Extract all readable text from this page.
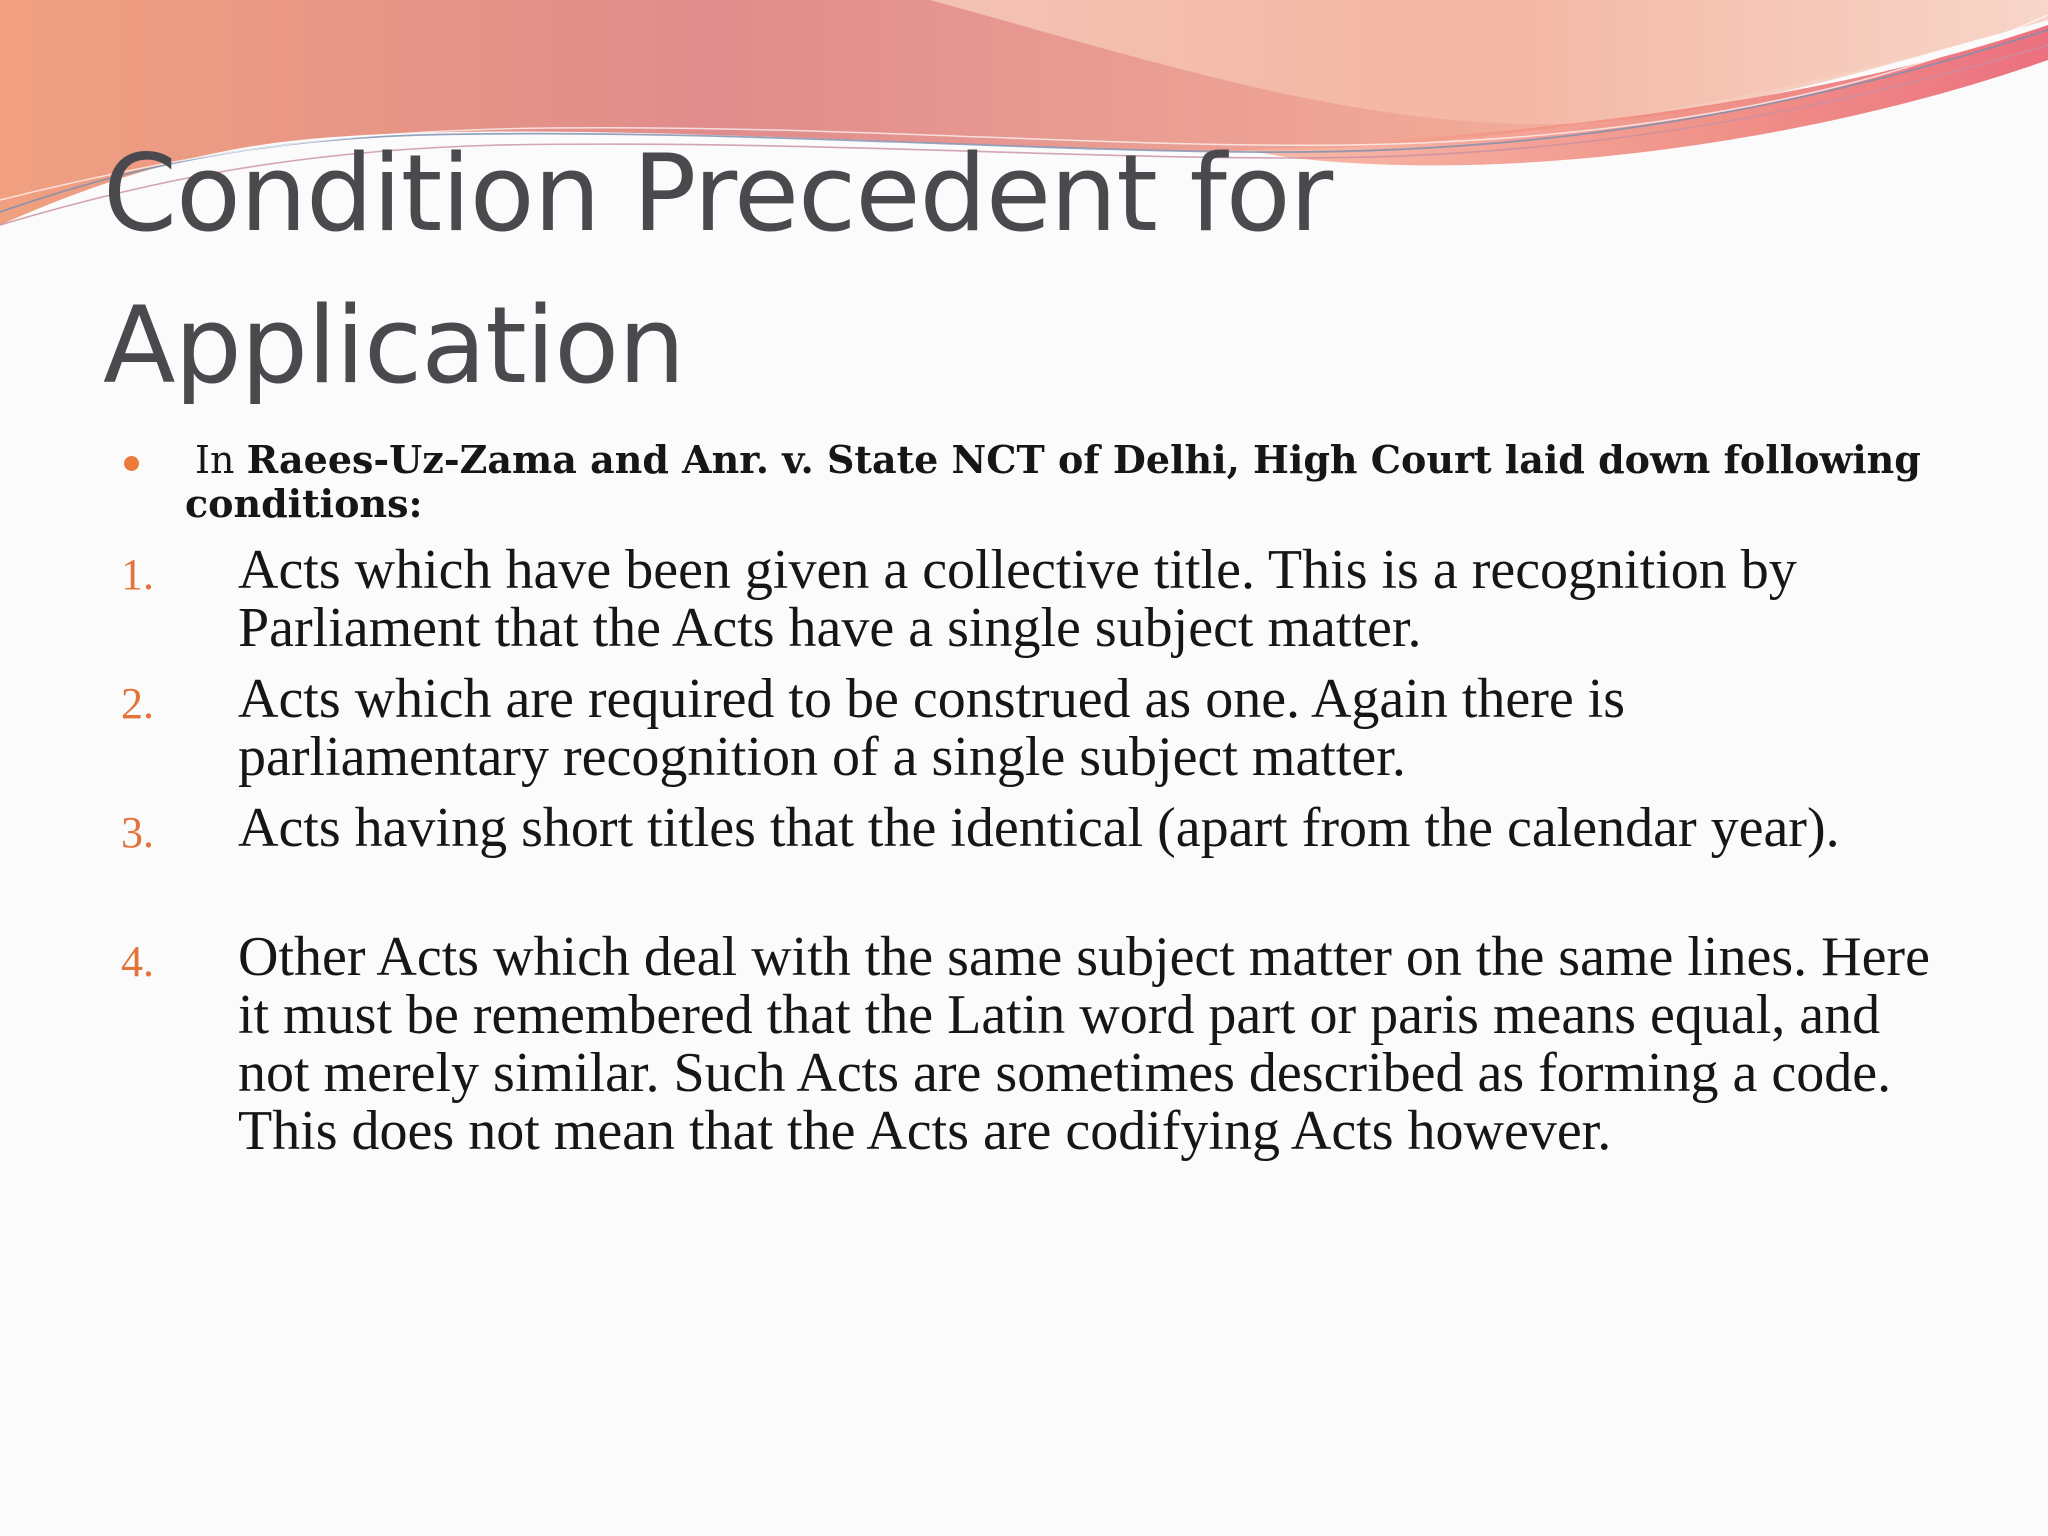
Condition Precedent for Application
In Raees-Uz-Zama and Anr. v. State NCT of Delhi, High Court laid down following conditions:
1. Acts which have been given a collective title. This is a recognition by Parliament that the Acts have a single subject matter.
2. Acts which are required to be construed as one. Again there is parliamentary recognition of a single subject matter.
3. Acts having short titles that the identical (apart from the calendar year).
4. Other Acts which deal with the same subject matter on the same lines. Here it must be remembered that the Latin word part or paris means equal, and not merely similar. Such Acts are sometimes described as forming a code. This does not mean that the Acts are codifying Acts however.
